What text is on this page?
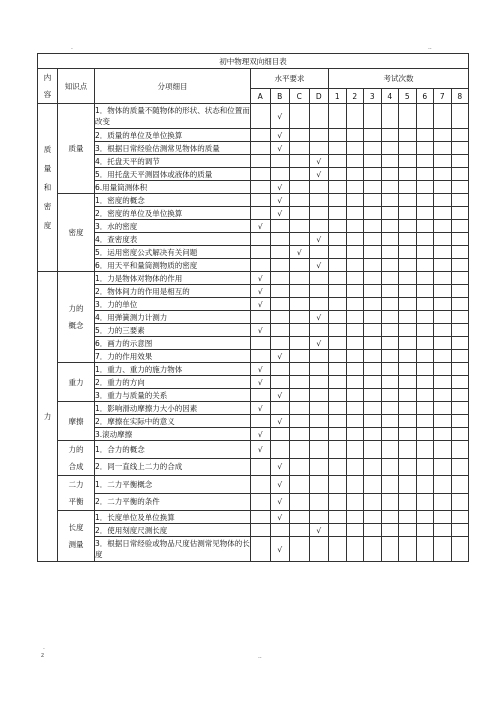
.	..
.
z	..
初中物理双向细目表														
内容	知识点	分项细目	水平要求				考试次数							
			A	B	C	D	1	2	3	4	5	6	7	8
质量和密度	质量	1．物体的质量不随物体的形状、状态和位置而改变		√										
		2．质量的单位及单位换算		√										
		3．根据日常经验估测常见物体的质量		√										
		4．托盘天平的调节				√								
		5．用托盘天平测固体或液体的质量				√								
		6.用量筒测体积		√										
	密度	1．密度的概念		√										
		2．密度的单位及单位换算		√										
		3．水的密度	√											
		4．查密度表				√								
		5．运用密度公式解决有关问题			√									
		6．用天平和量筒测物质的密度				√								
力	力的概念	1．力是物体对物体的作用	√											
		2．物体间力的作用是相互的	√											
		3．力的单位	√											
		4．用弹簧测力计测力				√								
		5．力的三要素	√											
		6．画力的示意图				√								
		7．力的作用效果		√										
	重力	1．重力、重力的施力物体	√											
		2．重力的方向	√											
		3．重力与质量的关系		√										
	摩擦	1．影响滑动摩擦力大小的因素	√											
		2．摩擦在实际中的意义		√										
		3.滚动摩擦	√											
	力的合成	1．合力的概念	√											
		2．同一直线上二力的合成		√										
	二力平衡	1．二力平衡概念		√										
		2．二力平衡的条件		√										
	长度测量	1．长度单位及单位换算		√										
		2．使用刻度尺测长度				√								
		3．根据日常经验或物品尺度估测常见物体的长度		√										
